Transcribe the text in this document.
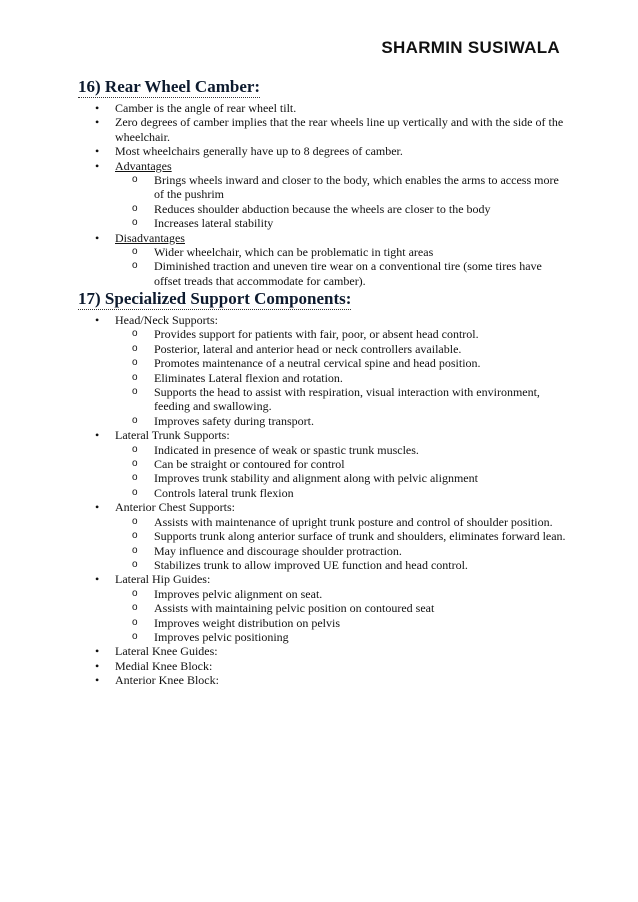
SHARMIN SUSIWALA
16) Rear Wheel Camber:
• Camber is the angle of rear wheel tilt.
• Zero degrees of camber implies that the rear wheels line up vertically and with the side of the wheelchair.
• Most wheelchairs generally have up to 8 degrees of camber.
• Advantages
o Brings wheels inward and closer to the body, which enables the arms to access more of the pushrim
o Reduces shoulder abduction because the wheels are closer to the body
o Increases lateral stability
• Disadvantages
o Wider wheelchair, which can be problematic in tight areas
o Diminished traction and uneven tire wear on a conventional tire (some tires have offset treads that accommodate for camber).
17) Specialized Support Components:
• Head/Neck Supports:
o Provides support for patients with fair, poor, or absent head control.
o Posterior, lateral and anterior head or neck controllers available.
o Promotes maintenance of a neutral cervical spine and head position.
o Eliminates Lateral flexion and rotation.
o Supports the head to assist with respiration, visual interaction with environment, feeding and swallowing.
o Improves safety during transport.
• Lateral Trunk Supports:
o Indicated in presence of weak or spastic trunk muscles.
o Can be straight or contoured for control
o Improves trunk stability and alignment along with pelvic alignment
o Controls lateral trunk flexion
• Anterior Chest Supports:
o Assists with maintenance of upright trunk posture and control of shoulder position.
o Supports trunk along anterior surface of trunk and shoulders, eliminates forward lean.
o May influence and discourage shoulder protraction.
o Stabilizes trunk to allow improved UE function and head control.
• Lateral Hip Guides:
o Improves pelvic alignment on seat.
o Assists with maintaining pelvic position on contoured seat
o Improves weight distribution on pelvis
o Improves pelvic positioning
• Lateral Knee Guides:
• Medial Knee Block:
• Anterior Knee Block:
